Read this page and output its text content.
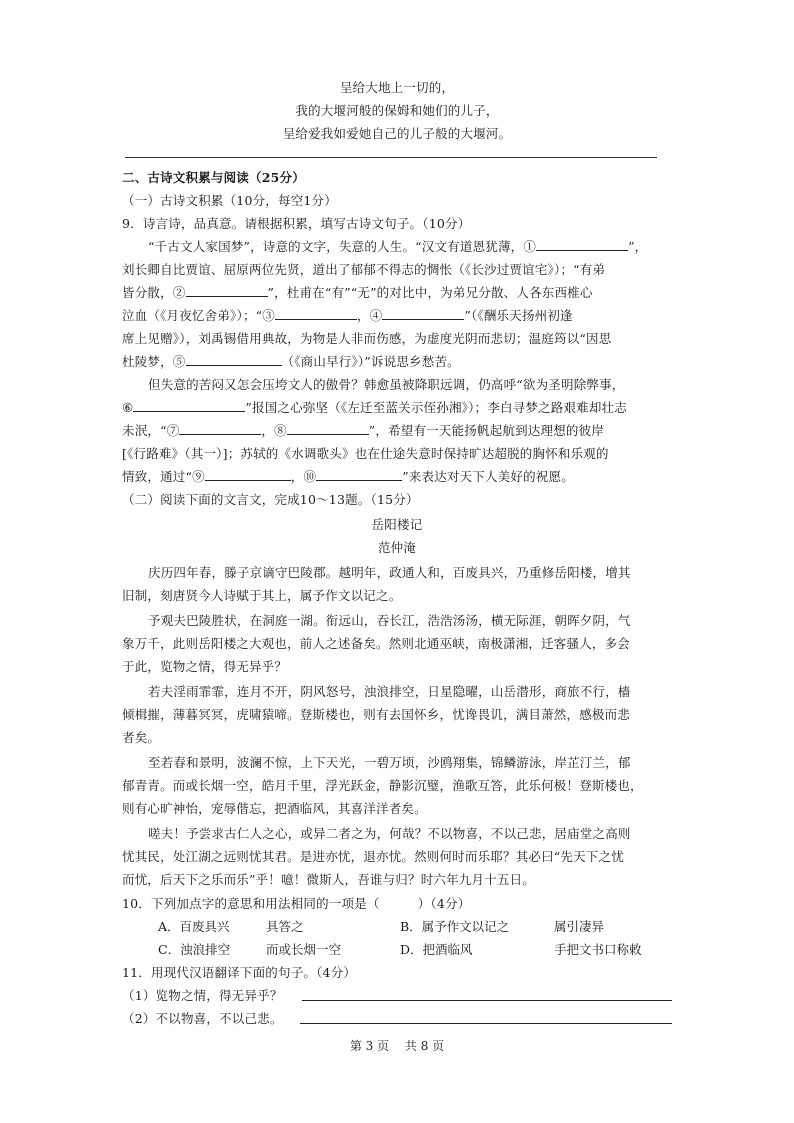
呈给大地上一切的，
我的大堰河般的保姆和她们的儿子，
呈给爱我如爱她自己的儿子般的大堰河。
二、古诗文积累与阅读（25分）
（一）古诗文积累（10分，每空1分）
9．诗言诗，品真意。请根据积累，填写古诗文句子。（10分）
“千古文人家国梦”，诗意的文字，失意的人生。“汉文有道恩犹薄，①	”，
刘长卿自比贾谊、屈原两位先贤，道出了郁郁不得志的惆怅（《长沙过贾谊宅》）；“有弟
皆分散，②	”，杜甫在“有”“无”的对比中，为弟兄分散、人各东西椎心
泣血（《月夜忆舍弟》）；“③	，④	”（《酬乐天扬州初逢
席上见赠》），刘禹锡借用典故，为物是人非而伤感，为虚度光阴而悲切；温庭筠以“因思
杜陵梦，⑤	（《商山早行》）”诉说思乡愁苦。
但失意的苦闷又怎会压垮文人的傲骨？韩愈虽被降职远调，仍高呼“欲为圣明除弊事，
⑥	”报国之心弥坚（《左迁至蓝关示侄孙湘》）；李白寻梦之路艰难却壮志
未泯，“⑦	，⑧	”，希望有一天能扬帆起航到达理想的彼岸
[《行路难》（其一）]；苏轼的《水调歌头》也在仕途失意时保持旷达超脱的胸怀和乐观的
情致，通过“⑨	，⑩	”来表达对天下人美好的祝愿。
（二）阅读下面的文言文，完成10～13题。（15分）
岳阳楼记
范仲淹
庆历四年春，滕子京谪守巴陵郡。越明年，政通人和，百废具兴，乃重修岳阳楼，增其
旧制，刻唐贤今人诗赋于其上，属予作文以记之。
予观夫巴陵胜状，在洞庭一湖。衔远山，吞长江，浩浩汤汤，横无际涯，朝晖夕阴，气
象万千，此则岳阳楼之大观也，前人之述备矣。然则北通巫峡，南极潇湘，迁客骚人，多会
于此，览物之情，得无异乎？
若夫淫雨霏霏，连月不开，阴风怒号，浊浪排空，日星隐曜，山岳潜形，商旅不行，樯
倾楫摧，薄暮冥冥，虎啸猿啼。登斯楼也，则有去国怀乡，忧谗畏讥，满目萧然，感极而悲
者矣。
至若春和景明，波澜不惊，上下天光，一碧万顷，沙鸥翔集，锦鳞游泳，岸芷汀兰，郁
郁青青。而或长烟一空，皓月千里，浮光跃金，静影沉璧，渔歌互答，此乐何极！登斯楼也，
则有心旷神怡，宠辱偕忘，把酒临风，其喜洋洋者矣。
嗟夫！予尝求古仁人之心，或异二者之为，何哉？不以物喜，不以己悲，居庙堂之高则
忧其民，处江湖之远则忧其君。是进亦忧，退亦忧。然则何时而乐耶？其必曰“先天下之忧
而忧，后天下之乐而乐”乎！噫！微斯人，吾谁与归？时六年九月十五日。
10．下列加点字的意思和用法相同的一项是（　　　）（4分）
A．百废具兴	具答之	B．属予作文以记之	属引凄异
C．浊浪排空	而或长烟一空	D．把酒临风	手把文书口称敕
11．用现代汉语翻译下面的句子。（4分）
（1）览物之情，得无异乎？
（2）不以物喜，不以己悲。
第 3 页　 共 8 页
